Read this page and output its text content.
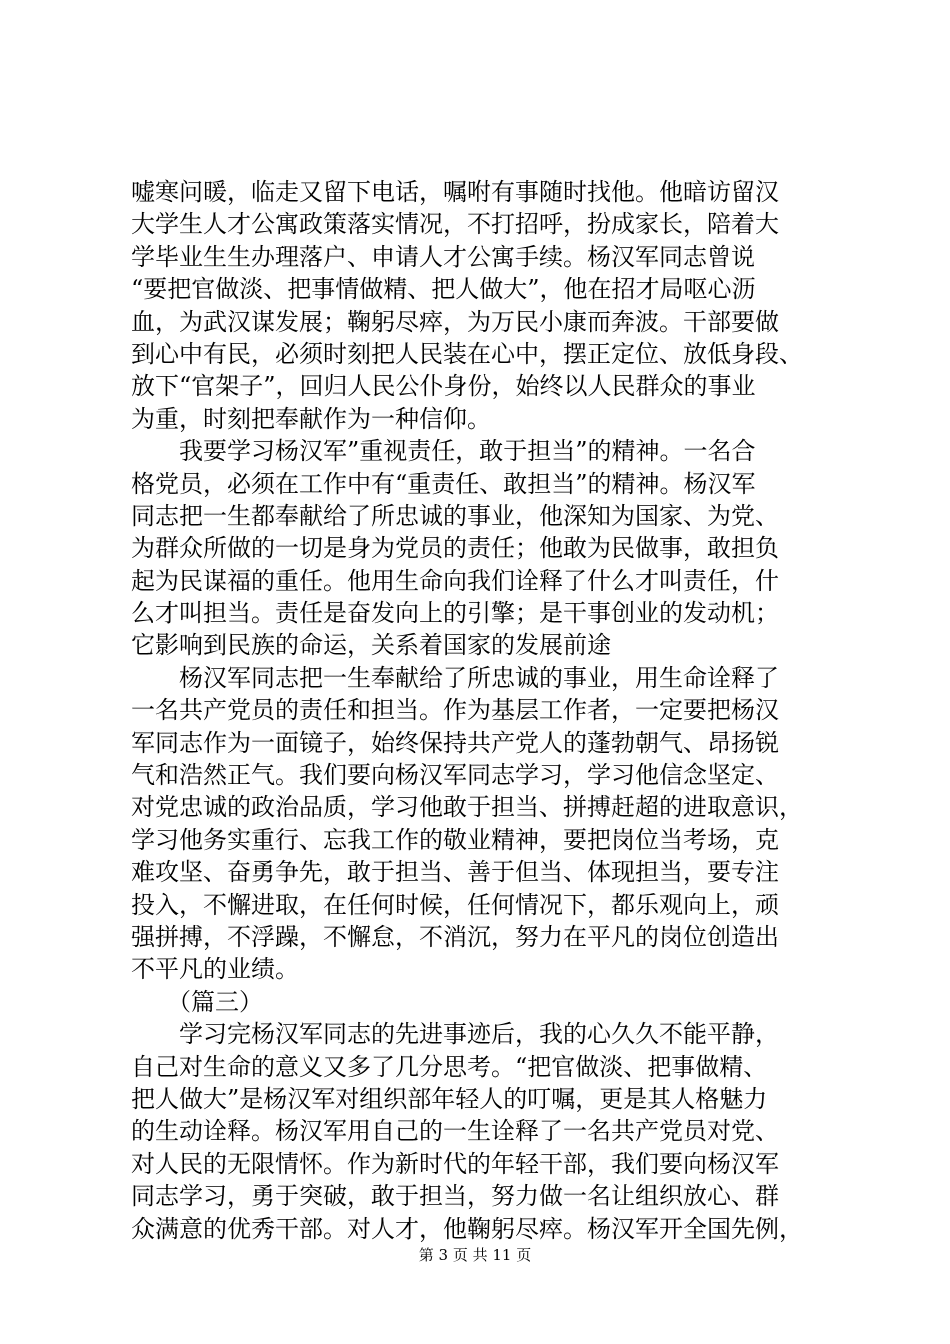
嘘寒问暖，临走又留下电话，嘱咐有事随时找他。他暗访留汉
大学生人才公寓政策落实情况，不打招呼，扮成家长，陪着大
学毕业生生办理落户、申请人才公寓手续。杨汉军同志曾说
“要把官做淡、把事情做精、把人做大”，他在招才局呕心沥
血，为武汉谋发展；鞠躬尽瘁，为万民小康而奔波。干部要做
到心中有民，必须时刻把人民装在心中，摆正定位、放低身段、
放下“官架子”，回归人民公仆身份，始终以人民群众的事业
为重，时刻把奉献作为一种信仰。
　　我要学习杨汉军”重视责任，敢于担当”的精神。一名合
格党员，必须在工作中有“重责任、敢担当”的精神。杨汉军
同志把一生都奉献给了所忠诚的事业，他深知为国家、为党、
为群众所做的一切是身为党员的责任；他敢为民做事，敢担负
起为民谋福的重任。他用生命向我们诠释了什么才叫责任，什
么才叫担当。责任是奋发向上的引擎；是干事创业的发动机；
它影响到民族的命运，关系着国家的发展前途
　　杨汉军同志把一生奉献给了所忠诚的事业，用生命诠释了
一名共产党员的责任和担当。作为基层工作者，一定要把杨汉
军同志作为一面镜子，始终保持共产党人的蓬勃朝气、昂扬锐
气和浩然正气。我们要向杨汉军同志学习，学习他信念坚定、
对党忠诚的政治品质，学习他敢于担当、拼搏赶超的进取意识，
学习他务实重行、忘我工作的敬业精神，要把岗位当考场，克
难攻坚、奋勇争先，敢于担当、善于但当、体现担当，要专注
投入，不懈进取，在任何时候，任何情况下，都乐观向上，顽
强拼搏，不浮躁，不懈怠，不消沉，努力在平凡的岗位创造出
不平凡的业绩。
　　（篇三）
　　学习完杨汉军同志的先进事迹后，我的心久久不能平静，
自己对生命的意义又多了几分思考。“把官做淡、把事做精、
把人做大”是杨汉军对组织部年轻人的叮嘱，更是其人格魅力
的生动诠释。杨汉军用自己的一生诠释了一名共产党员对党、
对人民的无限情怀。作为新时代的年轻干部，我们要向杨汉军
同志学习，勇于突破，敢于担当，努力做一名让组织放心、群
众满意的优秀干部。对人才，他鞠躬尽瘁。杨汉军开全国先例，
第 3 页 共 11 页
